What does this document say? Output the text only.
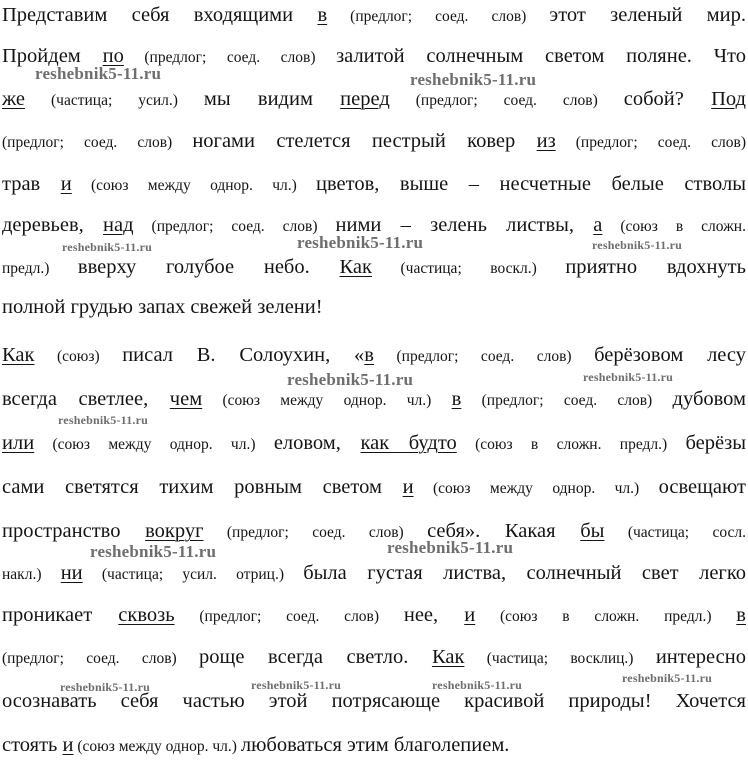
Представим себя входящими в (предлог; соед. слов) этот зеленый мир.
Пройдем по (предлог; соед. слов) залитой солнечным светом поляне. Что
же (частица; усил.) мы видим перед (предлог; соед. слов) собой? Под
(предлог; соед. слов) ногами стелется пестрый ковер из (предлог; соед. слов)
трав и (союз между однор. чл.) цветов, выше – несчетные белые стволы
деревьев, над (предлог; соед. слов) ними – зелень листвы, а (союз в сложн.
предл.) вверху голубое небо. Как (частица; воскл.) приятно вдохнуть
полной грудью запах свежей зелени!
Как (союз) писал В. Солоухин, «в (предлог; соед. слов) берёзовом лесу
всегда светлее, чем (союз между однор. чл.) в (предлог; соед. слов) дубовом
или (союз между однор. чл.) еловом, как будто (союз в сложн. предл.) берёзы
сами светятся тихим ровным светом и (союз между однор. чл.) освещают
пространство вокруг (предлог; соед. слов) себя». Какая бы (частица; сосл.
накл.) ни (частица; усил. отриц.) была густая листва, солнечный свет легко
проникает сквозь (предлог; соед. слов) нее, и (союз в сложн. предл.) в
(предлог; соед. слов) роще всегда светло. Как (частица; восклиц.) интересно
осознавать себя частью этой потрясающе красивой природы! Хочется
стоять и (союз между однор. чл.) любоваться этим благолепием.
reshebnik5-11.ru	reshebnik5-11.ru
reshebnik5-11.ru	reshebnik5-11.ru	reshebnik5-11.ru
reshebnik5-11.ru	reshebnik5-11.ru
reshebnik5-11.ru
reshebnik5-11.ru	reshebnik5-11.ru
reshebnik5-11.ru	reshebnik5-11.ru	reshebnik5-11.ru	reshebnik5-11.ru
